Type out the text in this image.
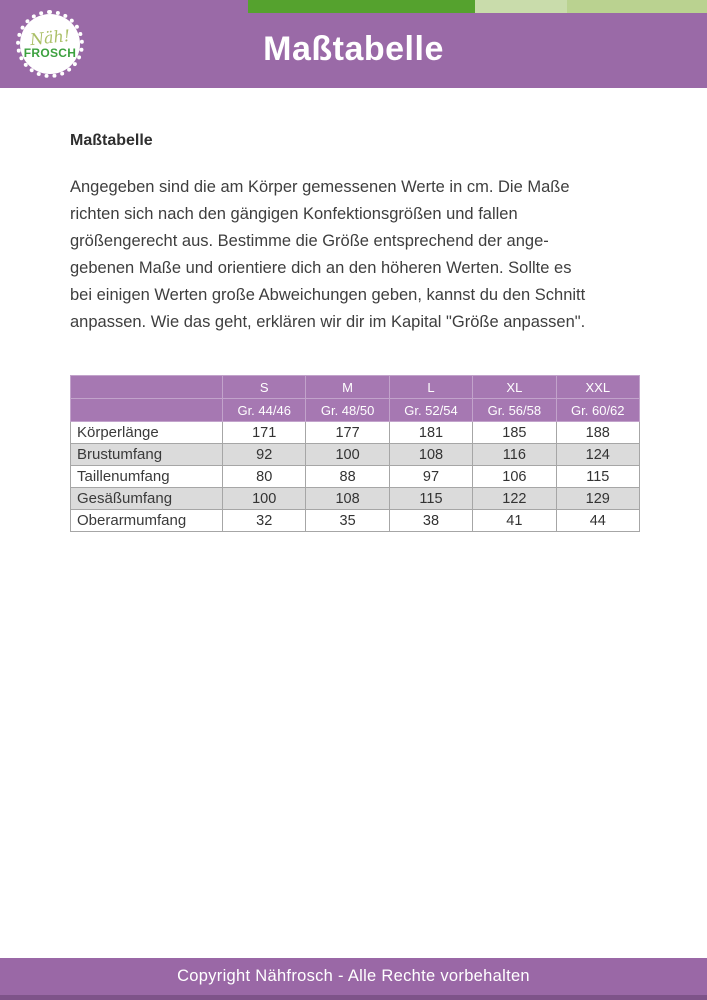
Näh!
FROSCH	Maßtabelle
Maßtabelle
Angegeben sind die am Körper gemessenen Werte in cm. Die Maße
richten sich nach den gängigen Konfektionsgrößen und fallen
größengerecht aus. Bestimme die Größe entsprechend der ange-
gebenen Maße und orientiere dich an den höheren Werten. Sollte es
bei einigen Werten große Abweichungen geben, kannst du den Schnitt
anpassen. Wie das geht, erklären wir dir im Kapital "Größe anpassen".
	S	M	L	XL	XXL
	Gr. 44/46	Gr. 48/50	Gr. 52/54	Gr. 56/58	Gr. 60/62
Körperlänge	171	177	181	185	188
Brustumfang	92	100	108	116	124
Taillenumfang	80	88	97	106	115
Gesäßumfang	100	108	115	122	129
Oberarmumfang	32	35	38	41	44
Copyright Nähfrosch - Alle Rechte vorbehalten
